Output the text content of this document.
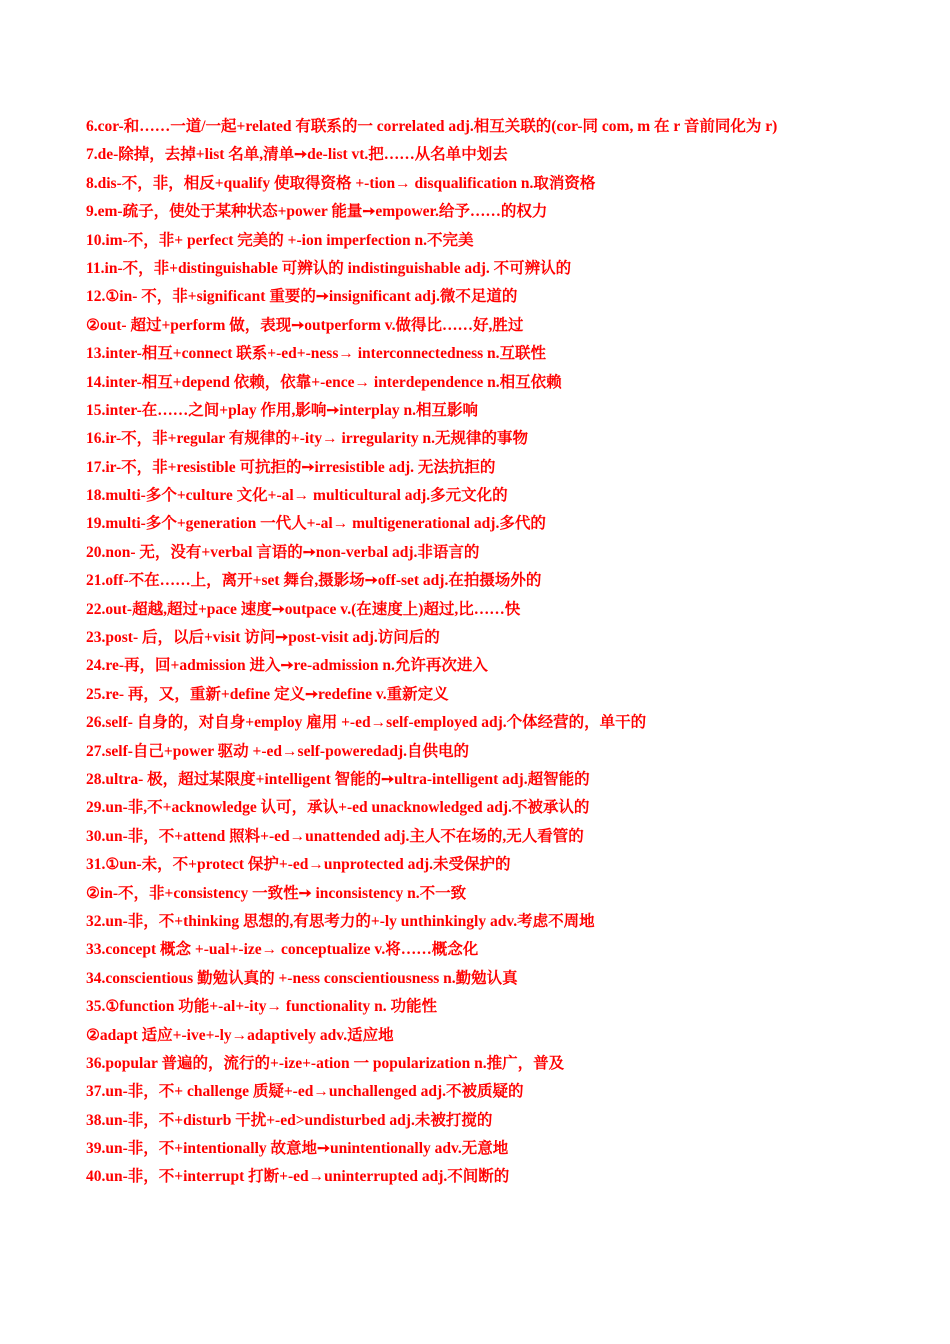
6.cor-和……一道/一起+related 有联系的一 correlated adj.相互关联的(cor-同 com, m 在 r 音前同化为 r)
7.de-除掉，去掉+list 名单,清单➙de-list vt.把……从名单中划去
8.dis-不，非，相反+qualify 使取得资格 +-tion→ disqualification n.取消资格
9.em-疏子，使处于某种状态+power 能量➙empower.给予……的权力
10.im-不，非+ perfect 完美的 +-ion imperfection n.不完美
11.in-不，非+distinguishable 可辨认的 indistinguishable adj. 不可辨认的
12.①in- 不，非+significant 重要的➙insignificant adj.微不足道的
②out- 超过+perform 做，表现➙outperform v.做得比……好,胜过
13.inter-相互+connect 联系+-ed+-ness→ interconnectedness n.互联性
14.inter-相互+depend 依赖，依靠+-ence→ interdependence n.相互依赖
15.inter-在……之间+play 作用,影响➙interplay n.相互影响
16.ir-不，非+regular 有规律的+-ity→ irregularity n.无规律的事物
17.ir-不，非+resistible 可抗拒的➙irresistible adj. 无法抗拒的
18.multi-多个+culture 文化+-al→ multicultural adj.多元文化的
19.multi-多个+generation 一代人+-al→ multigenerational adj.多代的
20.non- 无，没有+verbal 言语的➙non-verbal adj.非语言的
21.off-不在……上，离开+set 舞台,摄影场➙off-set adj.在拍摄场外的
22.out-超越,超过+pace 速度➙outpace v.(在速度上)超过,比……快
23.post- 后，以后+visit 访问➙post-visit adj.访问后的
24.re-再，回+admission 进入➙re-admission n.允许再次进入
25.re- 再，又，重新+define 定义➙redefine v.重新定义
26.self- 自身的，对自身+employ 雇用 +-ed→self-employed adj.个体经营的，单干的
27.self-自己+power 驱动 +-ed→self-poweredadj.自供电的
28.ultra- 极，超过某限度+intelligent 智能的➙ultra-intelligent adj.超智能的
29.un-非,不+acknowledge 认可，承认+-ed unacknowledged adj.不被承认的
30.un-非，不+attend 照料+-ed→unattended adj.主人不在场的,无人看管的
31.①un-未，不+protect 保护+-ed→unprotected adj.未受保护的
②in-不，非+consistency 一致性➙ inconsistency n.不一致
32.un-非，不+thinking 思想的,有思考力的+-ly unthinkingly adv.考虑不周地
33.concept 概念 +-ual+-ize→ conceptualize v.将……概念化
34.conscientious 勤勉认真的 +-ness conscientiousness n.勤勉认真
35.①function 功能+-al+-ity→ functionality n. 功能性
②adapt 适应+-ive+-ly→adaptively adv.适应地
36.popular 普遍的，流行的+-ize+-ation 一 popularization n.推广，普及
37.un-非，不+ challenge 质疑+-ed→unchallenged adj.不被质疑的
38.un-非，不+disturb 干扰+-ed>undisturbed adj.未被打搅的
39.un-非，不+intentionally 故意地➙unintentionally adv.无意地
40.un-非，不+interrupt 打断+-ed→uninterrupted adj.不间断的
